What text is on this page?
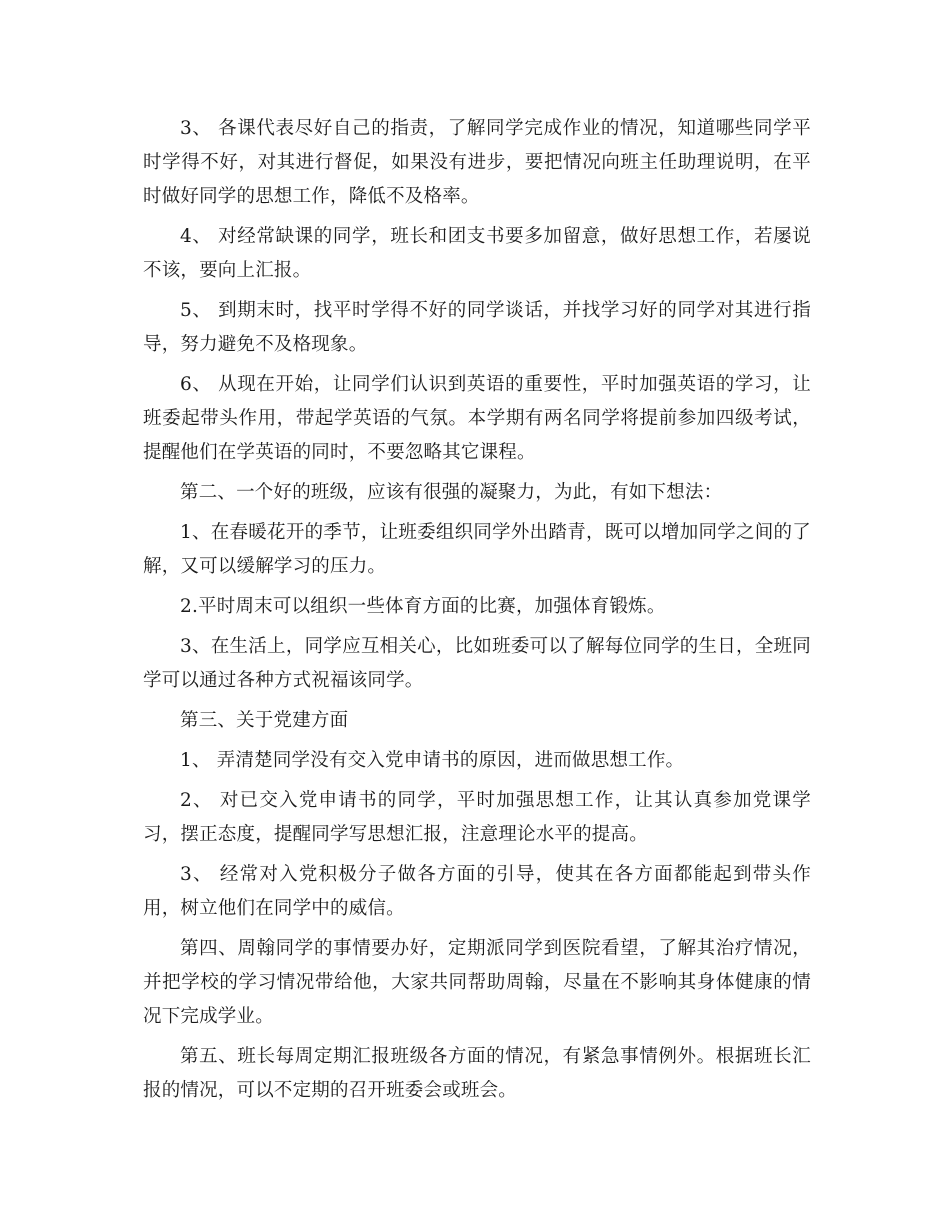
3、 各课代表尽好自己的指责，了解同学完成作业的情况，知道哪些同学平时学得不好，对其进行督促，如果没有进步，要把情况向班主任助理说明，在平时做好同学的思想工作，降低不及格率。

4、 对经常缺课的同学，班长和团支书要多加留意，做好思想工作，若屡说不该，要向上汇报。

5、 到期末时，找平时学得不好的同学谈话，并找学习好的同学对其进行指导，努力避免不及格现象。

6、 从现在开始，让同学们认识到英语的重要性，平时加强英语的学习，让班委起带头作用，带起学英语的气氛。本学期有两名同学将提前参加四级考试，提醒他们在学英语的同时，不要忽略其它课程。

第二、一个好的班级，应该有很强的凝聚力，为此，有如下想法：

1、在春暖花开的季节，让班委组织同学外出踏青，既可以增加同学之间的了解，又可以缓解学习的压力。

2.平时周末可以组织一些体育方面的比赛，加强体育锻炼。

3、在生活上，同学应互相关心，比如班委可以了解每位同学的生日，全班同学可以通过各种方式祝福该同学。

第三、关于党建方面

1、 弄清楚同学没有交入党申请书的原因，进而做思想工作。

2、 对已交入党申请书的同学，平时加强思想工作，让其认真参加党课学习，摆正态度，提醒同学写思想汇报，注意理论水平的提高。

3、 经常对入党积极分子做各方面的引导，使其在各方面都能起到带头作用，树立他们在同学中的威信。

第四、周翰同学的事情要办好，定期派同学到医院看望，了解其治疗情况，并把学校的学习情况带给他，大家共同帮助周翰，尽量在不影响其身体健康的情况下完成学业。

第五、班长每周定期汇报班级各方面的情况，有紧急事情例外。根据班长汇报的情况，可以不定期的召开班委会或班会。
